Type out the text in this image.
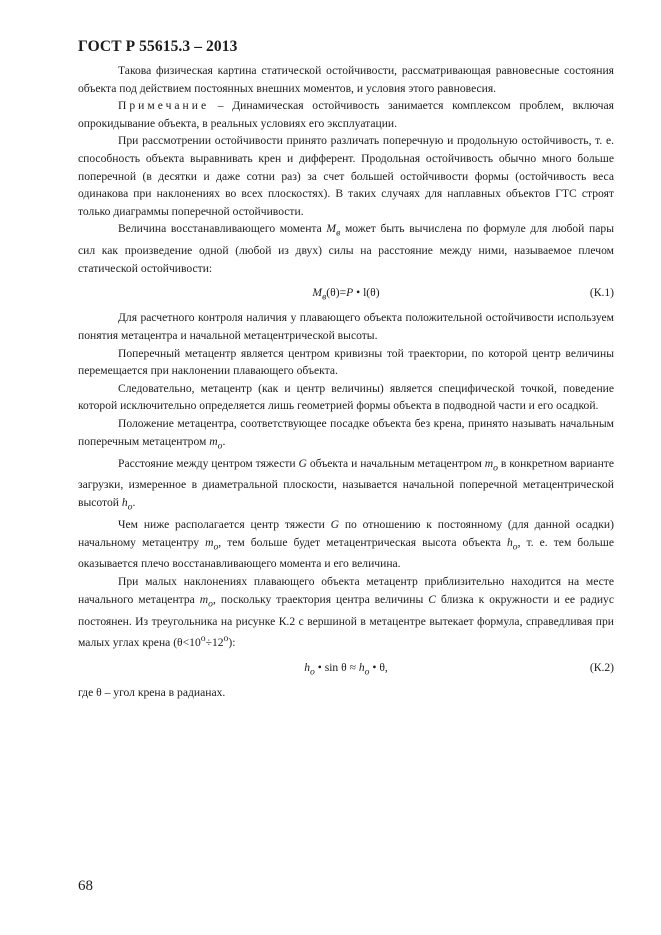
ГОСТ Р 55615.3 – 2013

Такова физическая картина статической остойчивости, рассматривающая равновесные состояния объекта под действием постоянных внешних моментов, и условия этого равновесия.

Примечание – Динамическая остойчивость занимается комплексом проблем, включая опрокидывание объекта, в реальных условиях его эксплуатации.

При рассмотрении остойчивости принято различать поперечную и продольную остойчивость, т. е. способность объекта выравнивать крен и дифферент. Продольная остойчивость обычно много больше поперечной (в десятки и даже сотни раз) за счет большей остойчивости формы (остойчивость веса одинакова при наклонениях во всех плоскостях). В таких случаях для наплавных объектов ГТС строят только диаграммы поперечной остойчивости.

Величина восстанавливающего момента $M_в$ может быть вычислена по формуле для любой пары сил как произведение одной (любой из двух) силы на расстояние между ними, называемое плечом статической остойчивости:

$M_в(\theta)=P$ • l(θ)	(К.1)

Для расчетного контроля наличия у плавающего объекта положительной остойчивости используем понятия метацентра и начальной метацентрической высоты.

Поперечный метацентр является центром кривизны той траектории, по которой центр величины перемещается при наклонении плавающего объекта.

Следовательно, метацентр (как и центр величины) является специфической точкой, поведение которой исключительно определяется лишь геометрией формы объекта в подводной части и его осадкой.

Положение метацентра, соответствующее посадке объекта без крена, принято называть начальным поперечным метацентром $m_o$.

Расстояние между центром тяжести G объекта и начальным метацентром $m_o$ в конкретном варианте загрузки, измеренное в диаметральной плоскости, называется начальной поперечной метацентрической высотой $h_o$.

Чем ниже располагается центр тяжести G по отношению к постоянному (для данной осадки) начальному метацентру $m_o$, тем больше будет метацентрическая высота объекта $h_o$, т. е. тем больше оказывается плечо восстанавливающего момента и его величина.

При малых наклонениях плавающего объекта метацентр приблизительно находится на месте начального метацентра $m_o$, поскольку траектория центра величины C близка к окружности и ее радиус постоянен. Из треугольника на рисунке К.2 с вершиной в метацентре вытекает формула, справедливая при малых углах крена $(\theta<10^о\div 12^о)$:

$h_o$ • $\sin \theta \approx h_o$ • θ,	(К.2)

где θ – угол крена в радианах.

68
